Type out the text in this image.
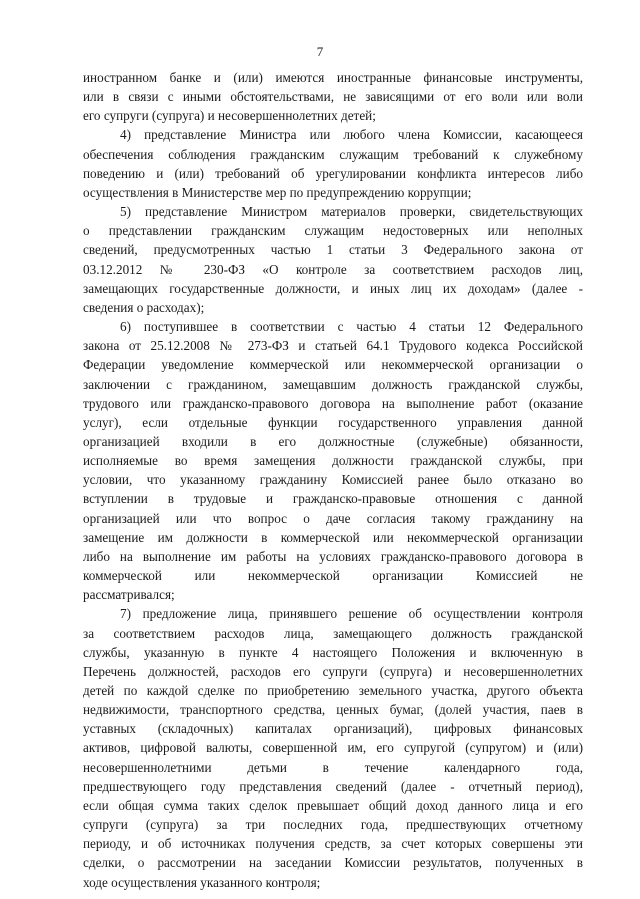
7
иностранном банке и (или) имеются иностранные финансовые инструменты,
или в связи с иными обстоятельствами, не зависящими от его воли или воли
его супруги (супруга) и несовершеннолетних детей;
4) представление Министра или любого члена Комиссии, касающееся
обеспечения соблюдения гражданским служащим требований к служебному
поведению и (или) требований об урегулировании конфликта интересов либо
осуществления в Министерстве мер по предупреждению коррупции;
5) представление Министром материалов проверки, свидетельствующих
о представлении гражданским служащим недостоверных или неполных
сведений, предусмотренных частью 1 статьи 3 Федерального закона от
03.12.2012 № 230-ФЗ «О контроле за соответствием расходов лиц,
замещающих государственные должности, и иных лиц их доходам» (далее -
сведения о расходах);
6) поступившее в соответствии с частью 4 статьи 12 Федерального
закона от 25.12.2008 № 273-ФЗ и статьей 64.1 Трудового кодекса Российской
Федерации уведомление коммерческой или некоммерческой организации о
заключении с гражданином, замещавшим должность гражданской службы,
трудового или гражданско-правового договора на выполнение работ (оказание
услуг), если отдельные функции государственного управления данной
организацией входили в его должностные (служебные) обязанности,
исполняемые во время замещения должности гражданской службы, при
условии, что указанному гражданину Комиссией ранее было отказано во
вступлении в трудовые и гражданско-правовые отношения с данной
организацией или что вопрос о даче согласия такому гражданину на
замещение им должности в коммерческой или некоммерческой организации
либо на выполнение им работы на условиях гражданско-правового договора в
коммерческой или некоммерческой организации Комиссией не
рассматривался;
7) предложение лица, принявшего решение об осуществлении контроля
за соответствием расходов лица, замещающего должность гражданской
службы, указанную в пункте 4 настоящего Положения и включенную в
Перечень должностей, расходов его супруги (супруга) и несовершеннолетних
детей по каждой сделке по приобретению земельного участка, другого объекта
недвижимости, транспортного средства, ценных бумаг, (долей участия, паев в
уставных (складочных) капиталах организаций), цифровых финансовых
активов, цифровой валюты, совершенной им, его супругой (супругом) и (или)
несовершеннолетними детьми в течение календарного года,
предшествующего году представления сведений (далее - отчетный период),
если общая сумма таких сделок превышает общий доход данного лица и его
супруги (супруга) за три последних года, предшествующих отчетному
периоду, и об источниках получения средств, за счет которых совершены эти
сделки, о рассмотрении на заседании Комиссии результатов, полученных в
ходе осуществления указанного контроля;
